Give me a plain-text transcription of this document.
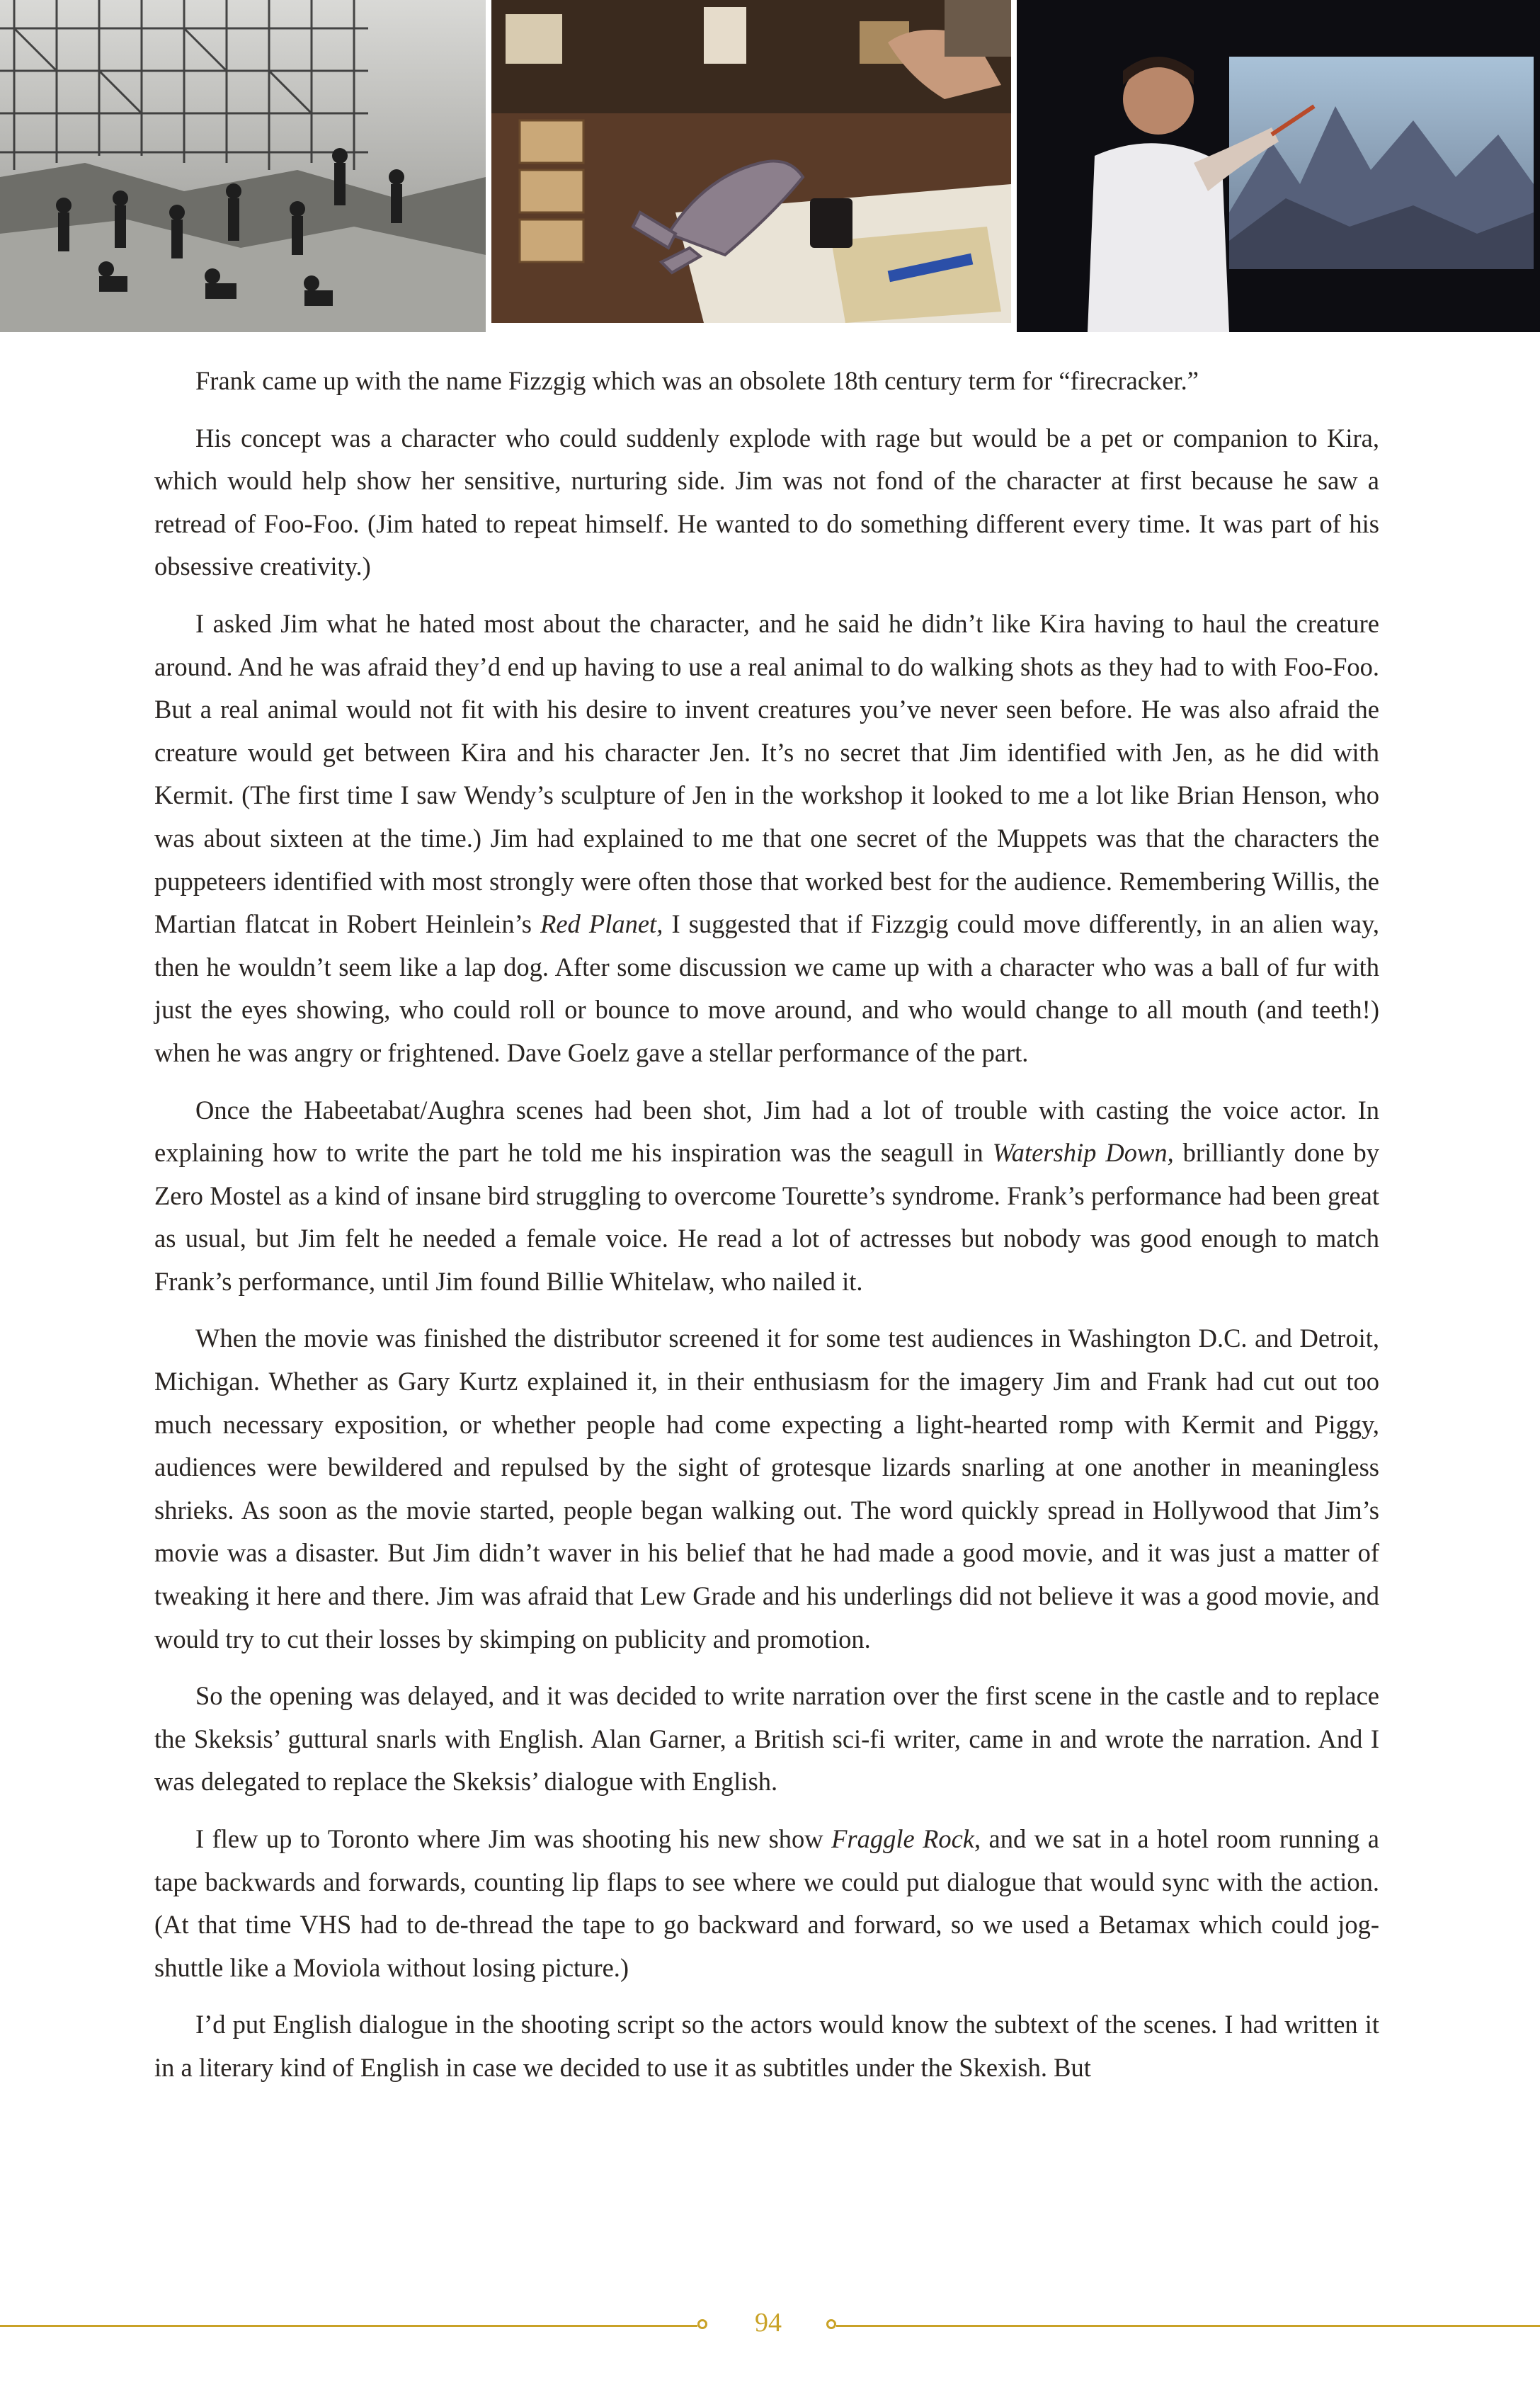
Frank came up with the name Fizzgig which was an obsolete 18th century term for “firecracker.”

His concept was a character who could suddenly explode with rage but would be a pet or companion to Kira, which would help show her sensitive, nurturing side. Jim was not fond of the character at first because he saw a retread of Foo-Foo. (Jim hated to repeat himself. He wanted to do something different every time. It was part of his obsessive creativity.)

I asked Jim what he hated most about the character, and he said he didn’t like Kira having to haul the creature around. And he was afraid they’d end up having to use a real animal to do walking shots as they had to with Foo-Foo. But a real animal would not fit with his desire to invent creatures you’ve never seen before. He was also afraid the creature would get between Kira and his character Jen. It’s no secret that Jim identified with Jen, as he did with Kermit. (The first time I saw Wendy’s sculpture of Jen in the workshop it looked to me a lot like Brian Henson, who was about sixteen at the time.) Jim had explained to me that one secret of the Muppets was that the characters the puppeteers identified with most strongly were often those that worked best for the audience. Remembering Willis, the Martian flatcat in Robert Heinlein’s Red Planet, I suggested that if Fizzgig could move differently, in an alien way, then he wouldn’t seem like a lap dog. After some discussion we came up with a character who was a ball of fur with just the eyes showing, who could roll or bounce to move around, and who would change to all mouth (and teeth!) when he was angry or frightened. Dave Goelz gave a stellar performance of the part.

Once the Habeetabat/Aughra scenes had been shot, Jim had a lot of trouble with casting the voice actor. In explaining how to write the part he told me his inspiration was the seagull in Watership Down, brilliantly done by Zero Mostel as a kind of insane bird struggling to overcome Tourette’s syndrome. Frank’s performance had been great as usual, but Jim felt he needed a female voice. He read a lot of actresses but nobody was good enough to match Frank’s performance, until Jim found Billie Whitelaw, who nailed it.

When the movie was finished the distributor screened it for some test audiences in Washington D.C. and Detroit, Michigan. Whether as Gary Kurtz explained it, in their enthusiasm for the imagery Jim and Frank had cut out too much necessary exposition, or whether people had come expecting a light-hearted romp with Kermit and Piggy, audiences were bewildered and repulsed by the sight of grotesque lizards snarling at one another in meaningless shrieks. As soon as the movie started, people began walking out. The word quickly spread in Hollywood that Jim’s movie was a disaster. But Jim didn’t waver in his belief that he had made a good movie, and it was just a matter of tweaking it here and there. Jim was afraid that Lew Grade and his underlings did not believe it was a good movie, and would try to cut their losses by skimping on publicity and promotion.

So the opening was delayed, and it was decided to write narration over the first scene in the castle and to replace the Skeksis’ guttural snarls with English. Alan Garner, a British sci-fi writer, came in and wrote the narration. And I was delegated to replace the Skeksis’ dialogue with English.

I flew up to Toronto where Jim was shooting his new show Fraggle Rock, and we sat in a hotel room running a tape backwards and forwards, counting lip flaps to see where we could put dialogue that would sync with the action. (At that time VHS had to de-thread the tape to go backward and forward, so we used a Betamax which could jog-shuttle like a Moviola without losing picture.)

I’d put English dialogue in the shooting script so the actors would know the subtext of the scenes. I had written it in a literary kind of English in case we decided to use it as subtitles under the Skexish. But

94
